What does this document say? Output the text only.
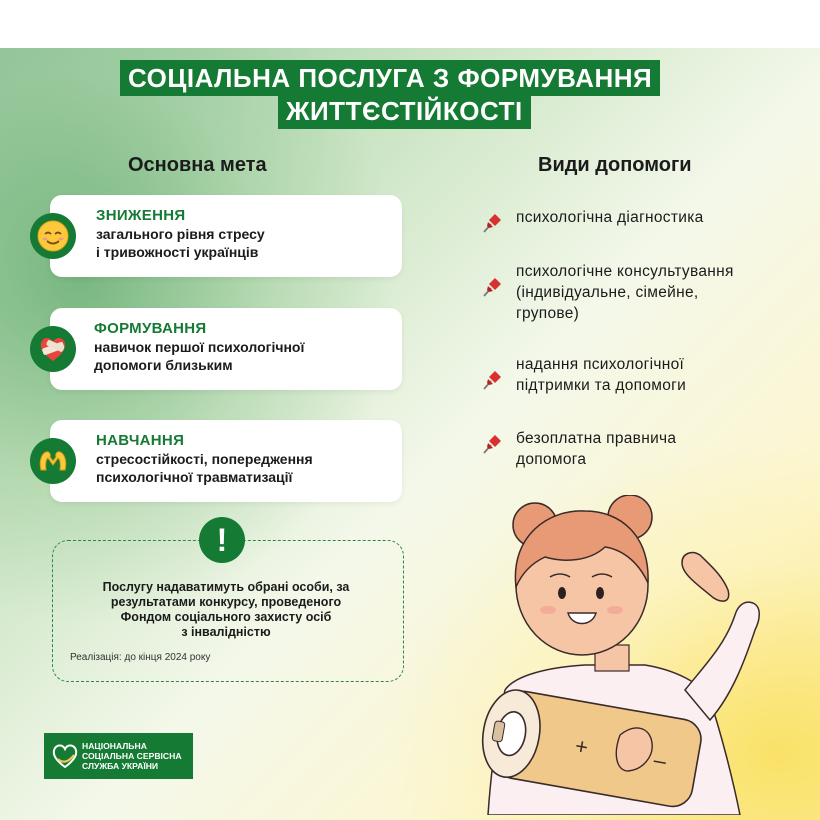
СОЦІАЛЬНА ПОСЛУГА З ФОРМУВАННЯ
ЖИТТЄСТІЙКОСТІ
Основна мета	Види допомоги
ЗНИЖЕННЯ
загального рівня стресу
і тривожності українців
ФОРМУВАННЯ
навичок першої психологічної
допомоги близьким
НАВЧАННЯ
стресостійкості, попередження
психологічної травматизації
психологічна діагностика
психологічне консультування
(індивідуальне, сімейне,
групове)
надання психологічної
підтримки та допомоги
безоплатна правнича
допомога
!
Послугу надаватимуть обрані особи, за
результатами конкурсу, проведеного
Фондом соціального захисту осіб
з інвалідністю
Реалізація: до кінця 2024 року
НАЦІОНАЛЬНА
СОЦІАЛЬНА СЕРВІСНА
СЛУЖБА УКРАЇНИ
+
–
